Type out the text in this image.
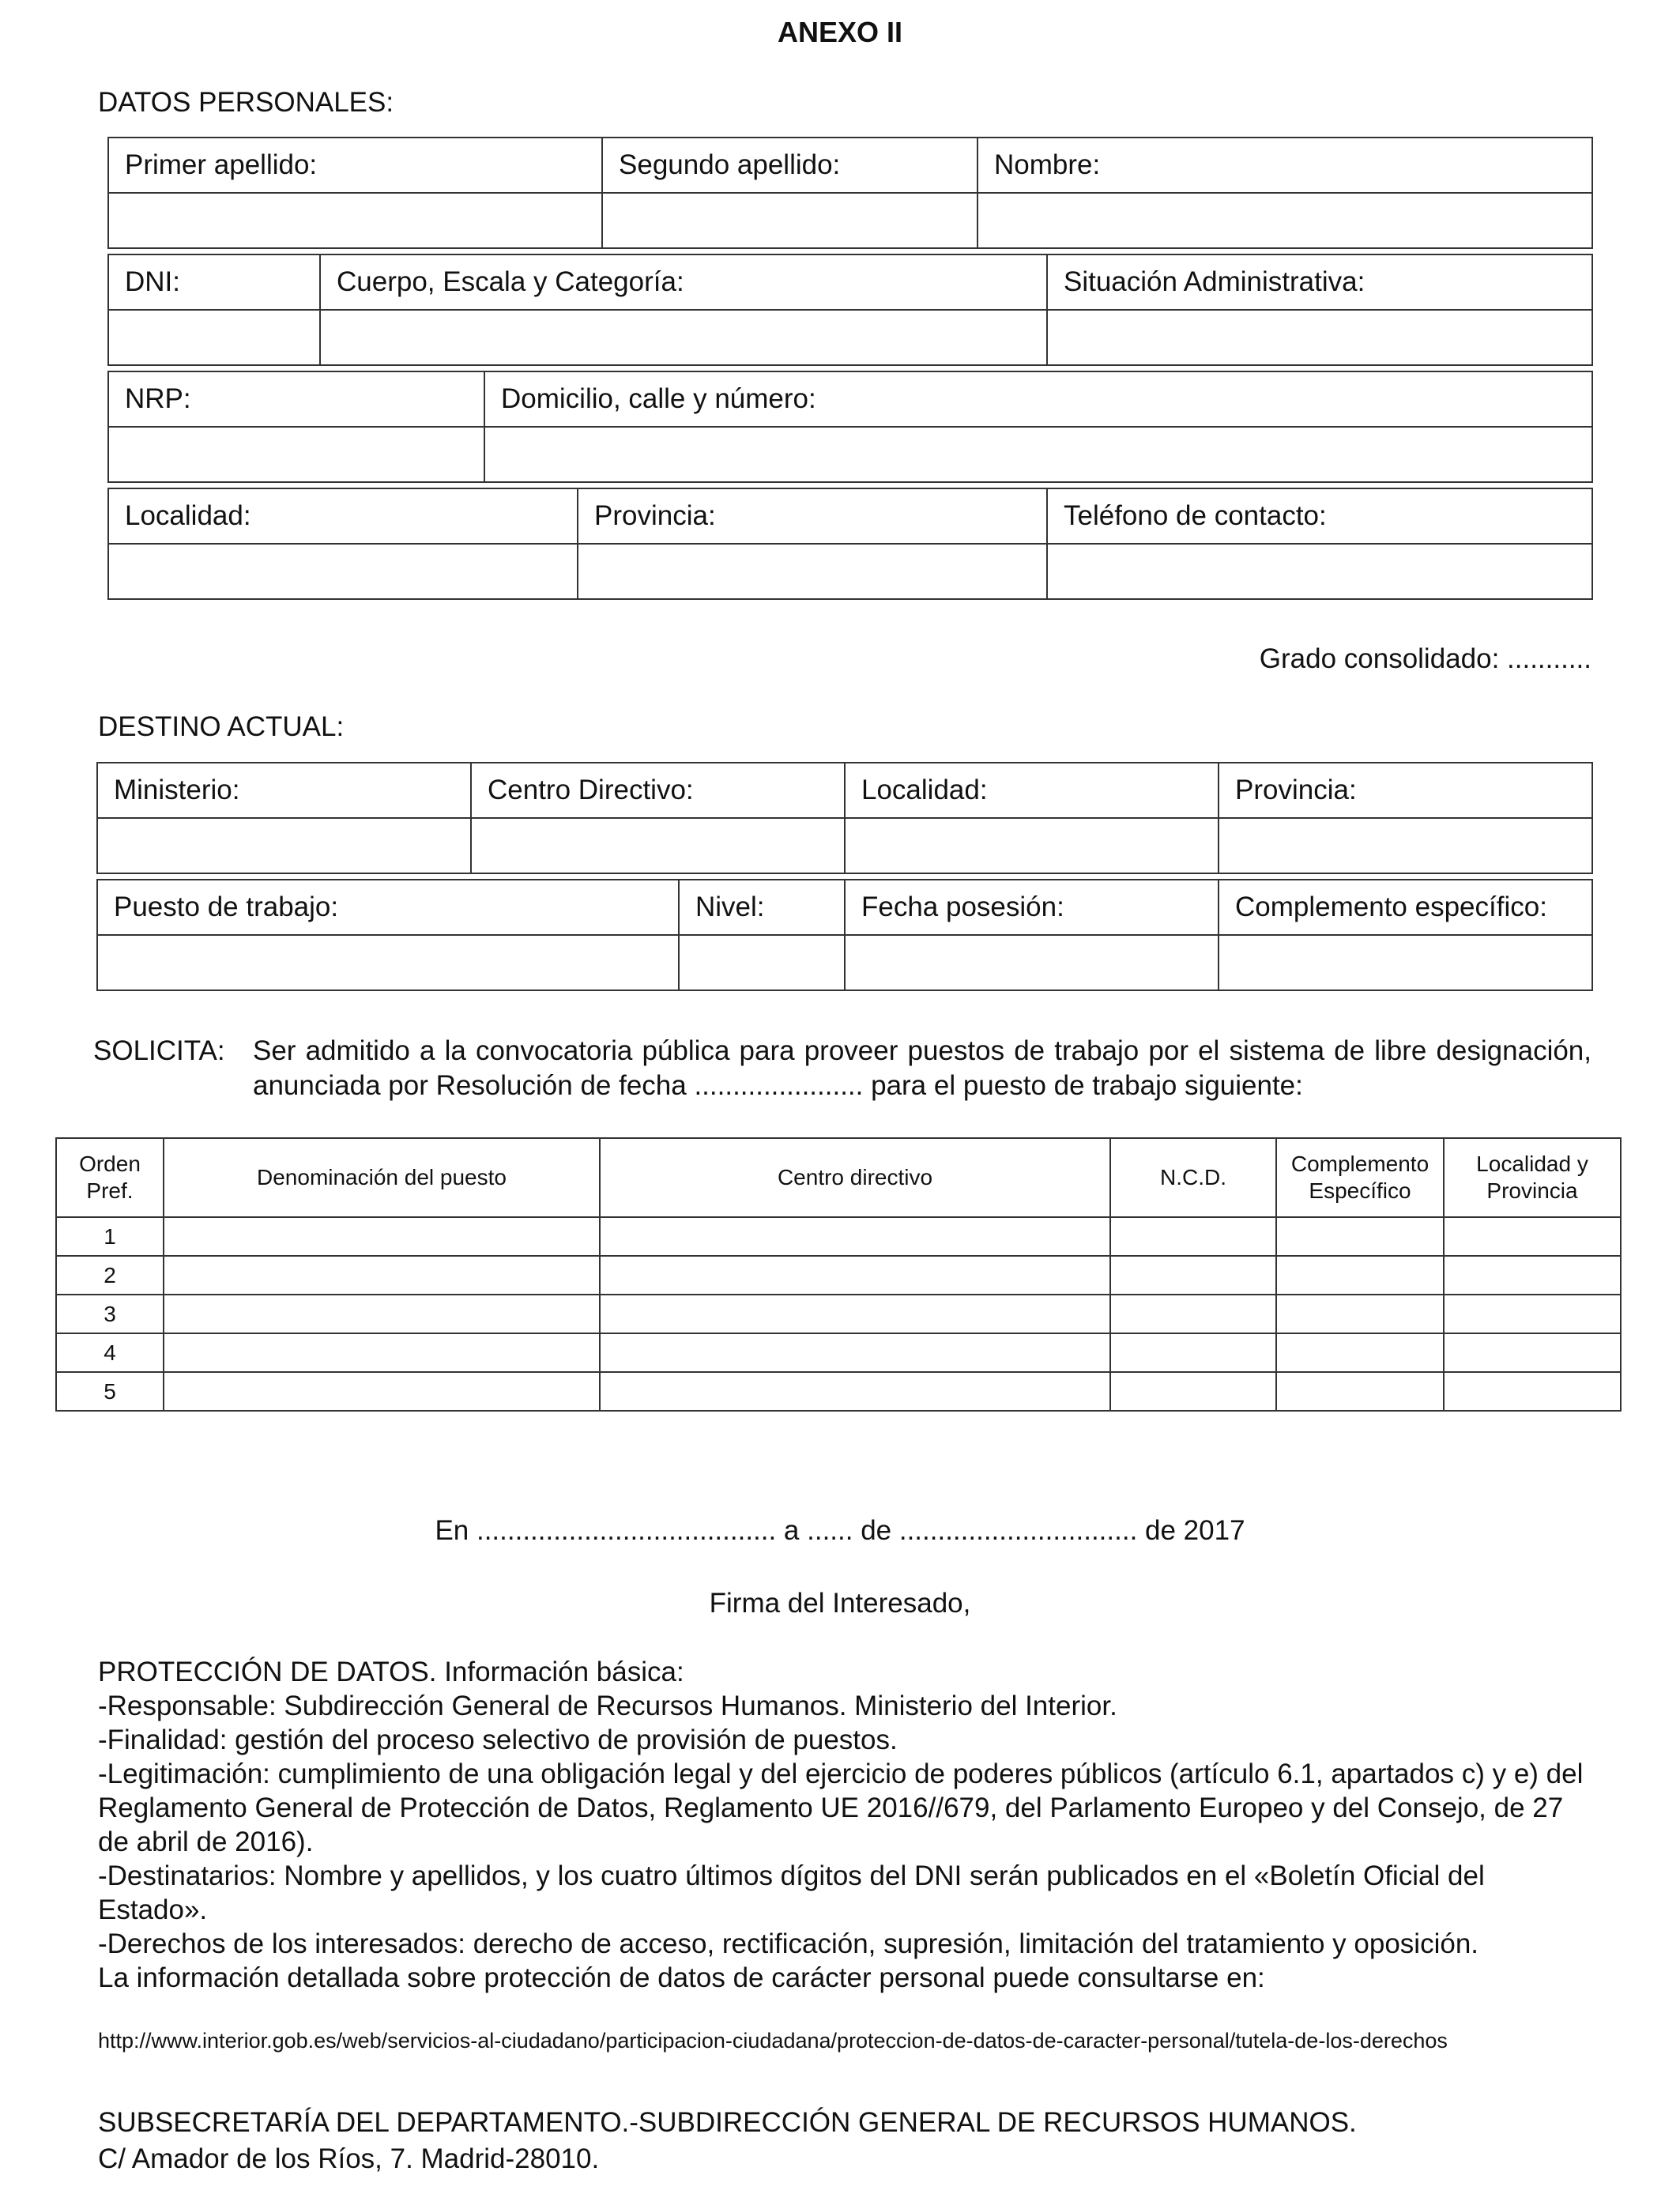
ANEXO II
DATOS PERSONALES:
Primer apellido:	Segundo apellido:	Nombre:

DNI:	Cuerpo, Escala y Categoría:	Situación Administrativa:

NRP:	Domicilio, calle y número:

Localidad:	Provincia:	Teléfono de contacto:

Grado consolidado: ...........
DESTINO ACTUAL:
Ministerio:	Centro Directivo:	Localidad:	Provincia:

Puesto de trabajo:	Nivel:	Fecha posesión:	Complemento específico:

SOLICITA: Ser admitido a la convocatoria pública para proveer puestos de trabajo por el sistema de libre designación, anunciada por Resolución de fecha ...................... para el puesto de trabajo siguiente:
Orden Pref.	Denominación del puesto	Centro directivo	N.C.D.	Complemento Específico	Localidad y Provincia
1					
2					
3					
4					
5					
En ....................................... a ...... de ............................... de 2017
Firma del Interesado,
PROTECCIÓN DE DATOS. Información básica:
-Responsable: Subdirección General de Recursos Humanos. Ministerio del Interior.
-Finalidad: gestión del proceso selectivo de provisión de puestos.
-Legitimación: cumplimiento de una obligación legal y del ejercicio de poderes públicos (artículo 6.1, apartados c) y e) del Reglamento General de Protección de Datos, Reglamento UE 2016//679, del Parlamento Europeo y del Consejo, de 27 de abril de 2016).
-Destinatarios: Nombre y apellidos, y los cuatro últimos dígitos del DNI serán publicados en el «Boletín Oficial del Estado».
-Derechos de los interesados: derecho de acceso, rectificación, supresión, limitación del tratamiento y oposición.
La información detallada sobre protección de datos de carácter personal puede consultarse en:
http://www.interior.gob.es/web/servicios-al-ciudadano/participacion-ciudadana/proteccion-de-datos-de-caracter-personal/tutela-de-los-derechos
SUBSECRETARÍA DEL DEPARTAMENTO.-SUBDIRECCIÓN GENERAL DE RECURSOS HUMANOS.
C/ Amador de los Ríos, 7. Madrid-28010.
